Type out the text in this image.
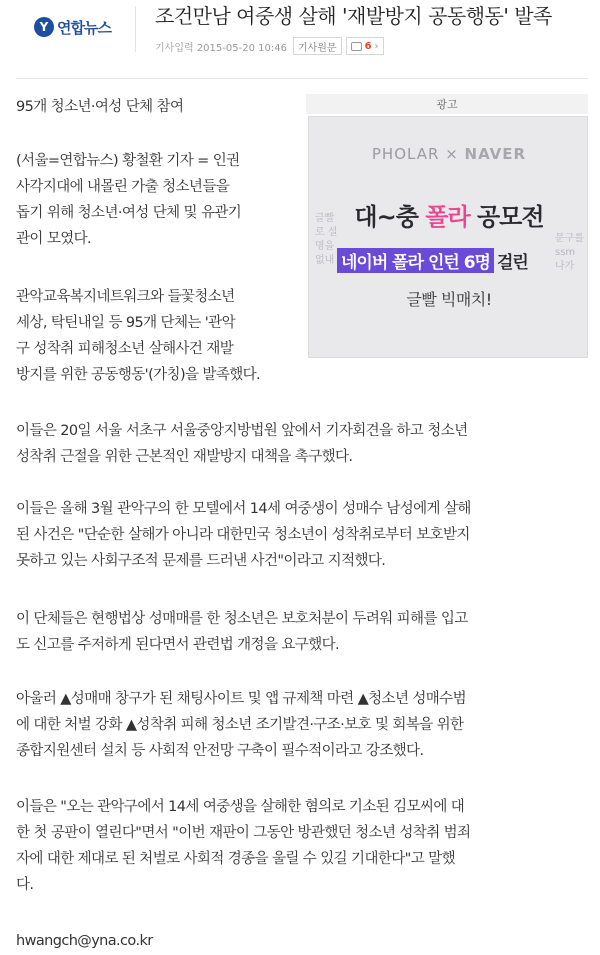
Y 연합뉴스 조건만남 여중생 살해 '재발방지 공동행동' 발족
기사입력 2015-05-20 10:46	기사원문	6 ›
광고
PHOLAR × NAVER
글빨로 설명을 없내
문구를 ssm 나가
대~충 폴라 공모전
네이버 폴라 인턴 6명 걸린
글빨 빅매치!
95개 청소년·여성 단체 참여
(서울=연합뉴스) 황철환 기자 = 인권
사각지대에 내몰린 가출 청소년들을
돕기 위해 청소년·여성 단체 및 유관기
관이 모였다.
관악교육복지네트워크와 들꽃청소년
세상, 탁틴내일 등 95개 단체는 '관악
구 성착취 피해청소년 살해사건 재발
방지를 위한 공동행동'(가칭)을 발족했다.
이들은 20일 서울 서초구 서울중앙지방법원 앞에서 기자회견을 하고 청소년
성착취 근절을 위한 근본적인 재발방지 대책을 촉구했다.
이들은 올해 3월 관악구의 한 모텔에서 14세 여중생이 성매수 남성에게 살해
된 사건은 "단순한 살해가 아니라 대한민국 청소년이 성착취로부터 보호받지
못하고 있는 사회구조적 문제를 드러낸 사건"이라고 지적했다.
이 단체들은 현행법상 성매매를 한 청소년은 보호처분이 두려워 피해를 입고
도 신고를 주저하게 된다면서 관련법 개정을 요구했다.
아울러 ▲성매매 창구가 된 채팅사이트 및 앱 규제책 마련 ▲청소년 성매수범
에 대한 처벌 강화 ▲성착취 피해 청소년 조기발견·구조·보호 및 회복을 위한
종합지원센터 설치 등 사회적 안전망 구축이 필수적이라고 강조했다.
이들은 "오는 관악구에서 14세 여중생을 살해한 혐의로 기소된 김모씨에 대
한 첫 공판이 열린다"면서 "이번 재판이 그동안 방관했던 청소년 성착취 범죄
자에 대한 제대로 된 처벌로 사회적 경종을 울릴 수 있길 기대한다"고 말했
다.
hwangch@yna.co.kr
